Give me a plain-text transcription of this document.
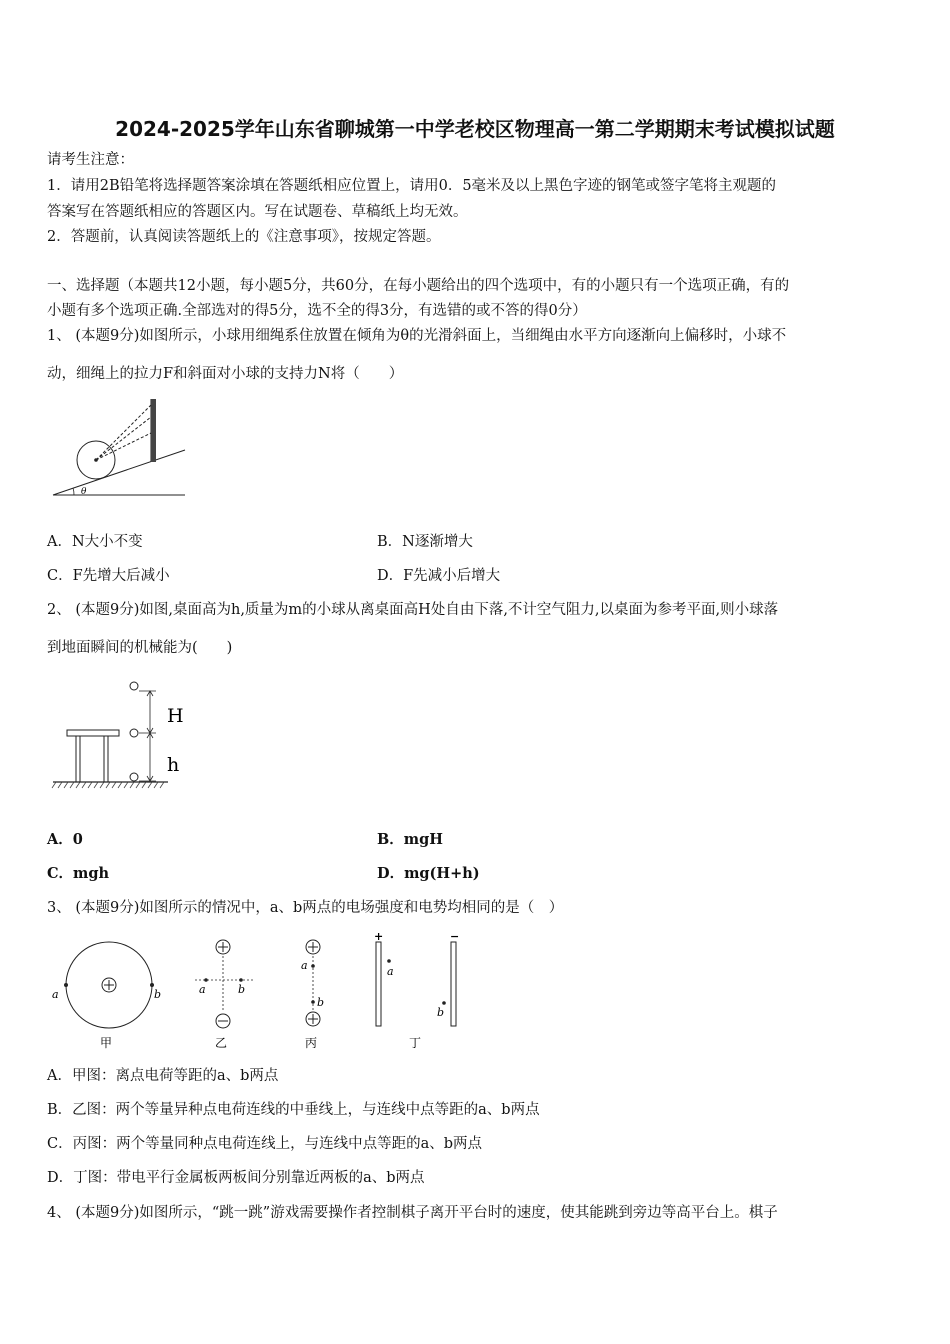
2024-2025学年山东省聊城第一中学老校区物理高一第二学期期末考试模拟试题
请考生注意：
1．请用2B铅笔将选择题答案涂填在答题纸相应位置上，请用0．5毫米及以上黑色字迹的钢笔或签字笔将主观题的
答案写在答题纸相应的答题区内。写在试题卷、草稿纸上均无效。
2．答题前，认真阅读答题纸上的《注意事项》，按规定答题。
一、选择题（本题共12小题，每小题5分，共60分，在每小题给出的四个选项中，有的小题只有一个选项正确，有的
小题有多个选项正确.全部选对的得5分，选不全的得3分，有选错的或不答的得0分）
1、 (本题9分)如图所示，小球用细绳系住放置在倾角为θ的光滑斜面上，当细绳由水平方向逐渐向上偏移时，小球不
动，细绳上的拉力F和斜面对小球的支持力N将（　　）
θ
A．N大小不变	B．N逐渐增大
C．F先增大后减小	D．F先减小后增大
2、 (本题9分)如图,桌面高为h,质量为m的小球从离桌面高H处自由下落,不计空气阻力,以桌面为参考平面,则小球落
到地面瞬间的机械能为(　　)
H
h
A．0	B．mgH
C．mgh	D．mg(H+h)
3、 (本题9分)如图所示的情况中，a、b两点的电场强度和电势均相同的是（　）
a	b
甲
a	b
乙
a
b
丙
+	−
a
b
丁
A．甲图：离点电荷等距的a、b两点
B．乙图：两个等量异种点电荷连线的中垂线上，与连线中点等距的a、b两点
C．丙图：两个等量同种点电荷连线上，与连线中点等距的a、b两点
D．丁图：带电平行金属板两板间分别靠近两板的a、b两点
4、 (本题9分)如图所示，“跳一跳”游戏需要操作者控制棋子离开平台时的速度，使其能跳到旁边等高平台上。棋子
